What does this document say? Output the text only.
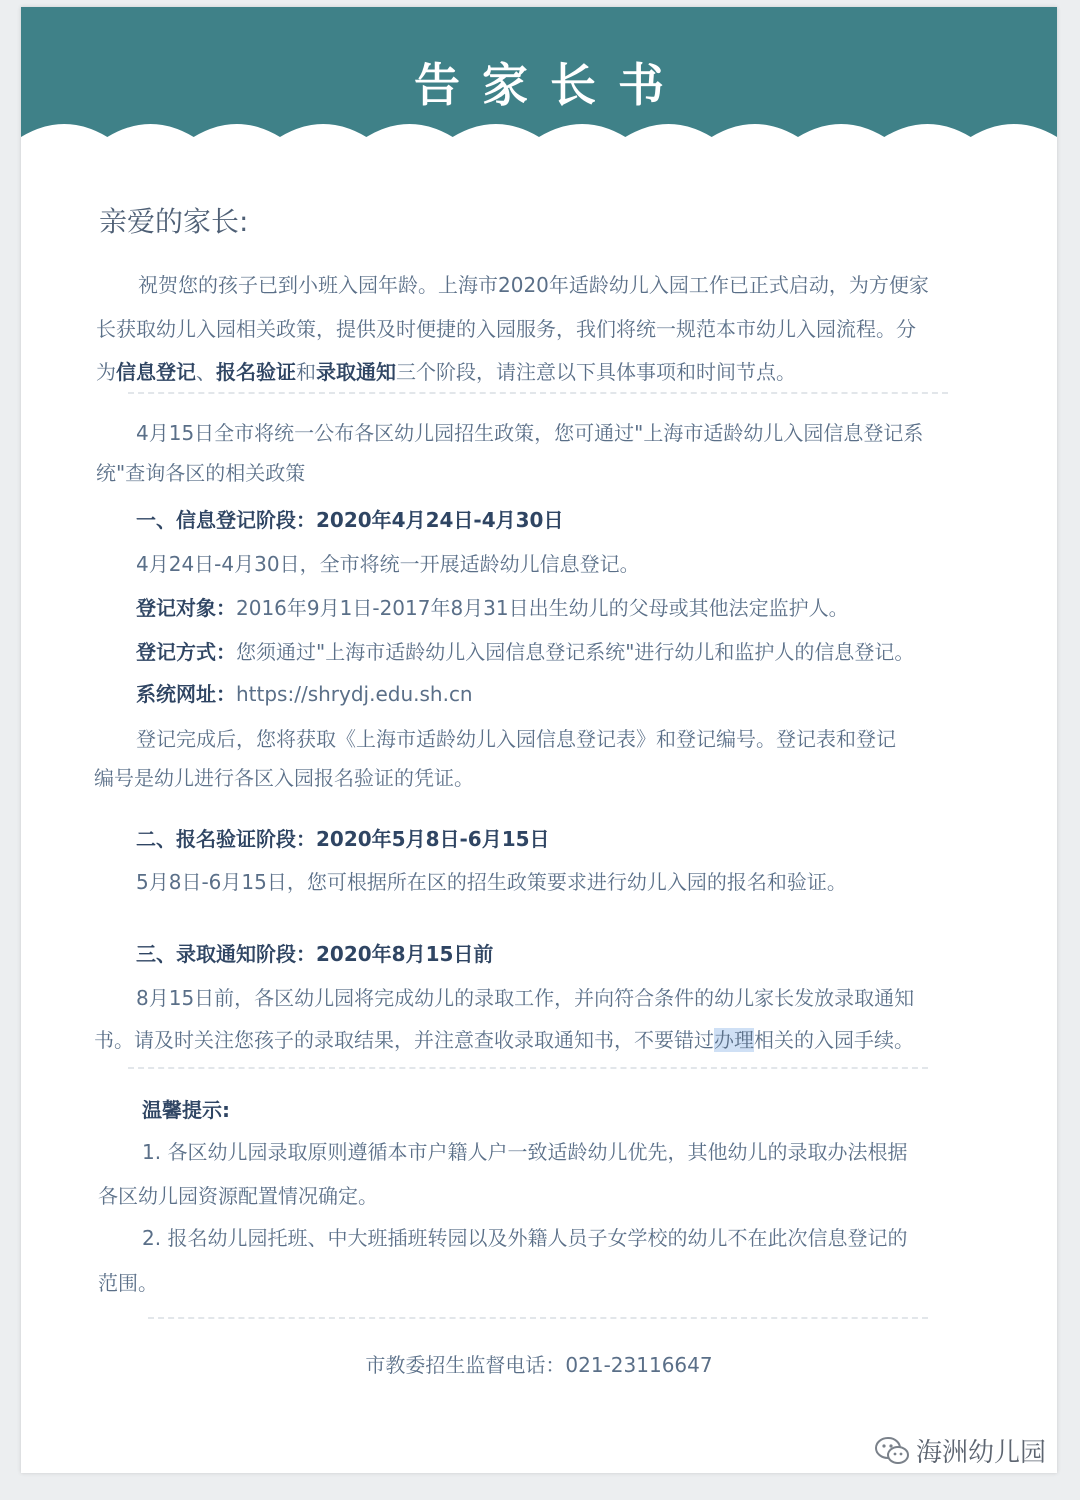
告家长书
亲爱的家长:
祝贺您的孩子已到小班入园年龄。上海市2020年适龄幼儿入园工作已正式启动，为方便家
长获取幼儿入园相关政策，提供及时便捷的入园服务，我们将统一规范本市幼儿入园流程。分
为信息登记、报名验证和录取通知三个阶段，请注意以下具体事项和时间节点。
4月15日全市将统一公布各区幼儿园招生政策，您可通过"上海市适龄幼儿入园信息登记系
统"查询各区的相关政策
一、信息登记阶段：2020年4月24日-4月30日
4月24日-4月30日，全市将统一开展适龄幼儿信息登记。
登记对象：2016年9月1日-2017年8月31日出生幼儿的父母或其他法定监护人。
登记方式：您须通过"上海市适龄幼儿入园信息登记系统"进行幼儿和监护人的信息登记。
系统网址：https://shrydj.edu.sh.cn
登记完成后，您将获取《上海市适龄幼儿入园信息登记表》和登记编号。登记表和登记
编号是幼儿进行各区入园报名验证的凭证。
二、报名验证阶段：2020年5月8日-6月15日
5月8日-6月15日，您可根据所在区的招生政策要求进行幼儿入园的报名和验证。
三、录取通知阶段：2020年8月15日前
8月15日前，各区幼儿园将完成幼儿的录取工作，并向符合条件的幼儿家长发放录取通知
书。请及时关注您孩子的录取结果，并注意查收录取通知书，不要错过办理相关的入园手续。
温馨提示:
1. 各区幼儿园录取原则遵循本市户籍人户一致适龄幼儿优先，其他幼儿的录取办法根据
各区幼儿园资源配置情况确定。
2. 报名幼儿园托班、中大班插班转园以及外籍人员子女学校的幼儿不在此次信息登记的
范围。
市教委招生监督电话：021-23116647
海洲幼儿园
